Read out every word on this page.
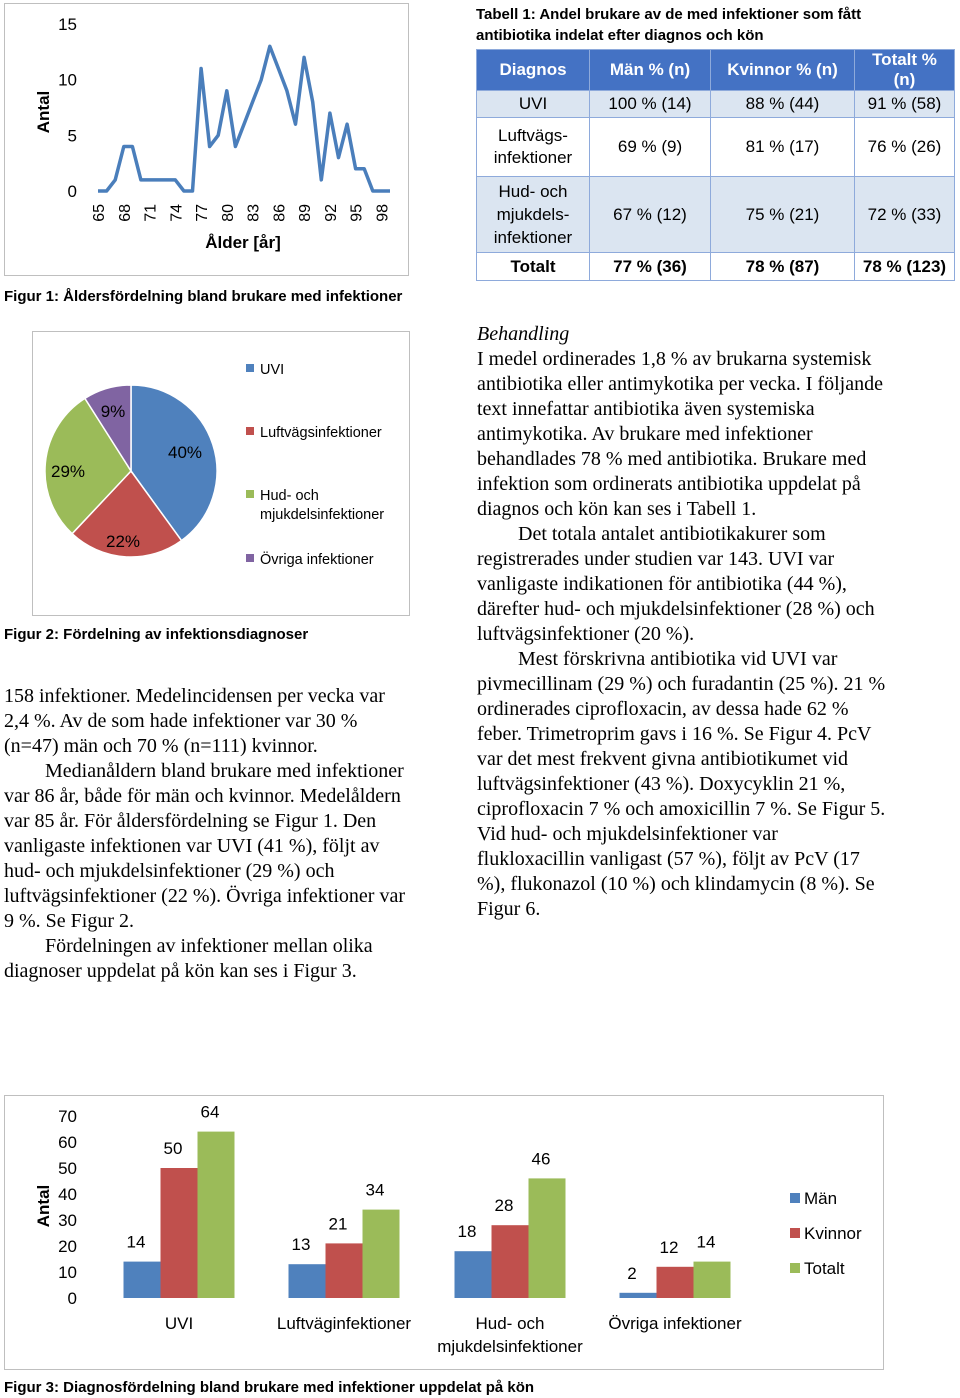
0
5
10
15
65 68 71 74 77 80 83 86 89 92 95 98
Ålder [år]
Antal
Figur 1: Åldersfördelning bland brukare med infektioner
Tabell 1: Andel brukare av de med infektioner som fått
antibiotika indelat efter diagnos och kön
Diagnos	Män % (n)	Kvinnor % (n)	Totalt % (n)
UVI	100 % (14)	88 % (44)	91 % (58)
Luftvägs-
infektioner	69 % (9)	81 % (17)	76 % (26)
Hud- och
mjukdels-
infektioner	67 % (12)	75 % (21)	72 % (33)
Totalt	77 % (36)	78 % (87)	78 % (123)
40%
22%
29%
9%
UVI
Luftvägsinfektioner
Hud- och
mjukdelsinfektioner
Övriga infektioner
Figur 2: Fördelning av infektionsdiagnoser

158 infektioner. Medelincidensen per vecka var 2,4 %. Av de som hade infektioner var 30 % (n=47) män och 70 % (n=111) kvinnor.

Medianåldern bland brukare med infektioner var 86 år, både för män och kvinnor. Medelåldern var 85 år. För åldersfördelning se Figur 1. Den vanligaste infektionen var UVI (41 %), följt av hud- och mjukdelsinfektioner (29 %) och luftvägsinfektioner (22 %). Övriga infektioner var 9 %. Se Figur 2.

Fördelningen av infektioner mellan olika diagnoser uppdelat på kön kan ses i Figur 3.

Behandling

I medel ordinerades 1,8 % av brukarna systemisk antibiotika eller antimykotika per vecka. I följande text innefattar antibiotika även systemiska antimykotika. Av brukare med infektioner behandlades 78 % med antibiotika. Brukare med infektion som ordinerats antibiotika uppdelat på diagnos och kön kan ses i Tabell 1.

Det totala antalet antibiotikakurer som registrerades under studien var 143. UVI var vanligaste indikationen för antibiotika (44 %), därefter hud- och mjukdelsinfektioner (28 %) och luftvägsinfektioner (20 %).

Mest förskrivna antibiotika vid UVI var pivmecillinam (29 %) och furadantin (25 %). 21 % ordinerades ciprofloxacin, av dessa hade 62 % feber. Trimetroprim gavs i 16 %. Se Figur 4. PcV var det mest frekvent givna antibiotikumet vid luftvägsinfektioner (43 %). Doxycyklin 21 %, ciprofloxacin 7 % och amoxicillin 7 %. Se Figur 5. Vid hud- och mjukdelsinfektioner var flukloxacillin vanligast (57 %), följt av PcV (17 %), flukonazol (10 %) och klindamycin (8 %). Se Figur 6.

0
10
20
30
40
50
60
70
Antal
14
50
64
UVI
13
21
34
Luftväginfektioner
18
28
46
Hud- och
mjukdelsinfektioner
2
12 14
Övriga infektioner
Män
Kvinnor
Totalt
Figur 3: Diagnosfördelning bland brukare med infektioner uppdelat på kön
